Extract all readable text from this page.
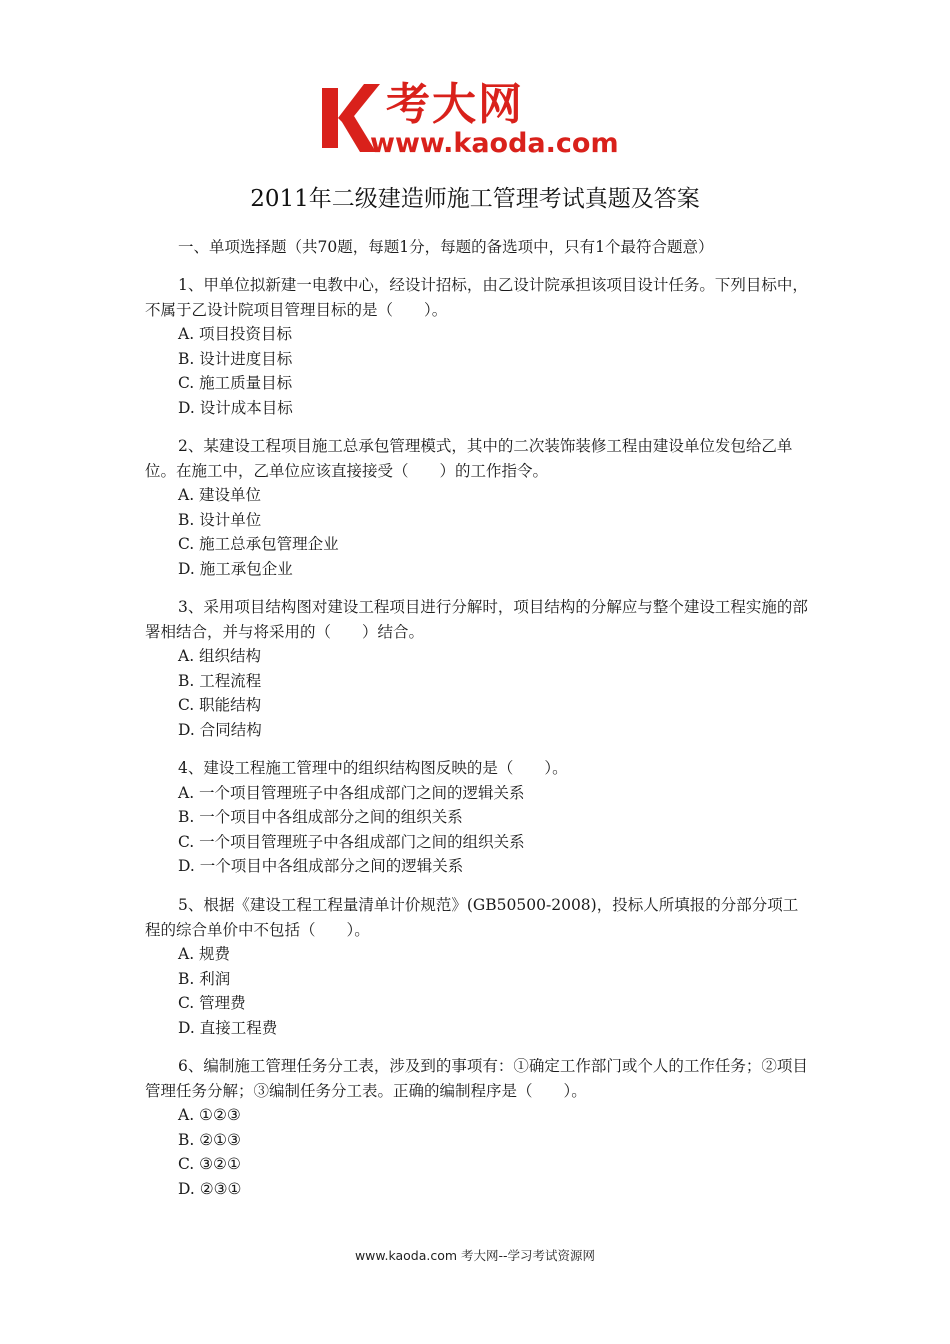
考大网
www.kaoda.com
2011年二级建造师施工管理考试真题及答案
一、单项选择题（共70题，每题1分，每题的备选项中，只有1个最符合题意）

1、甲单位拟新建一电教中心，经设计招标，由乙设计院承担该项目设计任务。下列目标中，不属于乙设计院项目管理目标的是（　　）。

A. 项目投资目标

B. 设计进度目标

C. 施工质量目标

D. 设计成本目标

2、某建设工程项目施工总承包管理模式，其中的二次装饰装修工程由建设单位发包给乙单位。在施工中，乙单位应该直接接受（　　）的工作指令。

A. 建设单位

B. 设计单位

C. 施工总承包管理企业

D. 施工承包企业

3、采用项目结构图对建设工程项目进行分解时，项目结构的分解应与整个建设工程实施的部署相结合，并与将采用的（　　）结合。

A. 组织结构

B. 工程流程

C. 职能结构

D. 合同结构

4、建设工程施工管理中的组织结构图反映的是（　　）。

A. 一个项目管理班子中各组成部门之间的逻辑关系

B. 一个项目中各组成部分之间的组织关系

C. 一个项目管理班子中各组成部门之间的组织关系

D. 一个项目中各组成部分之间的逻辑关系

5、根据《建设工程工程量清单计价规范》(GB50500-2008)，投标人所填报的分部分项工程的综合单价中不包括（　　）。

A. 规费

B. 利润

C. 管理费

D. 直接工程费

6、编制施工管理任务分工表，涉及到的事项有：①确定工作部门或个人的工作任务；②项目管理任务分解；③编制任务分工表。正确的编制程序是（　　）。

A. ①②③

B. ②①③

C. ③②①

D. ②③①

www.kaoda.com 考大网--学习考试资源网
